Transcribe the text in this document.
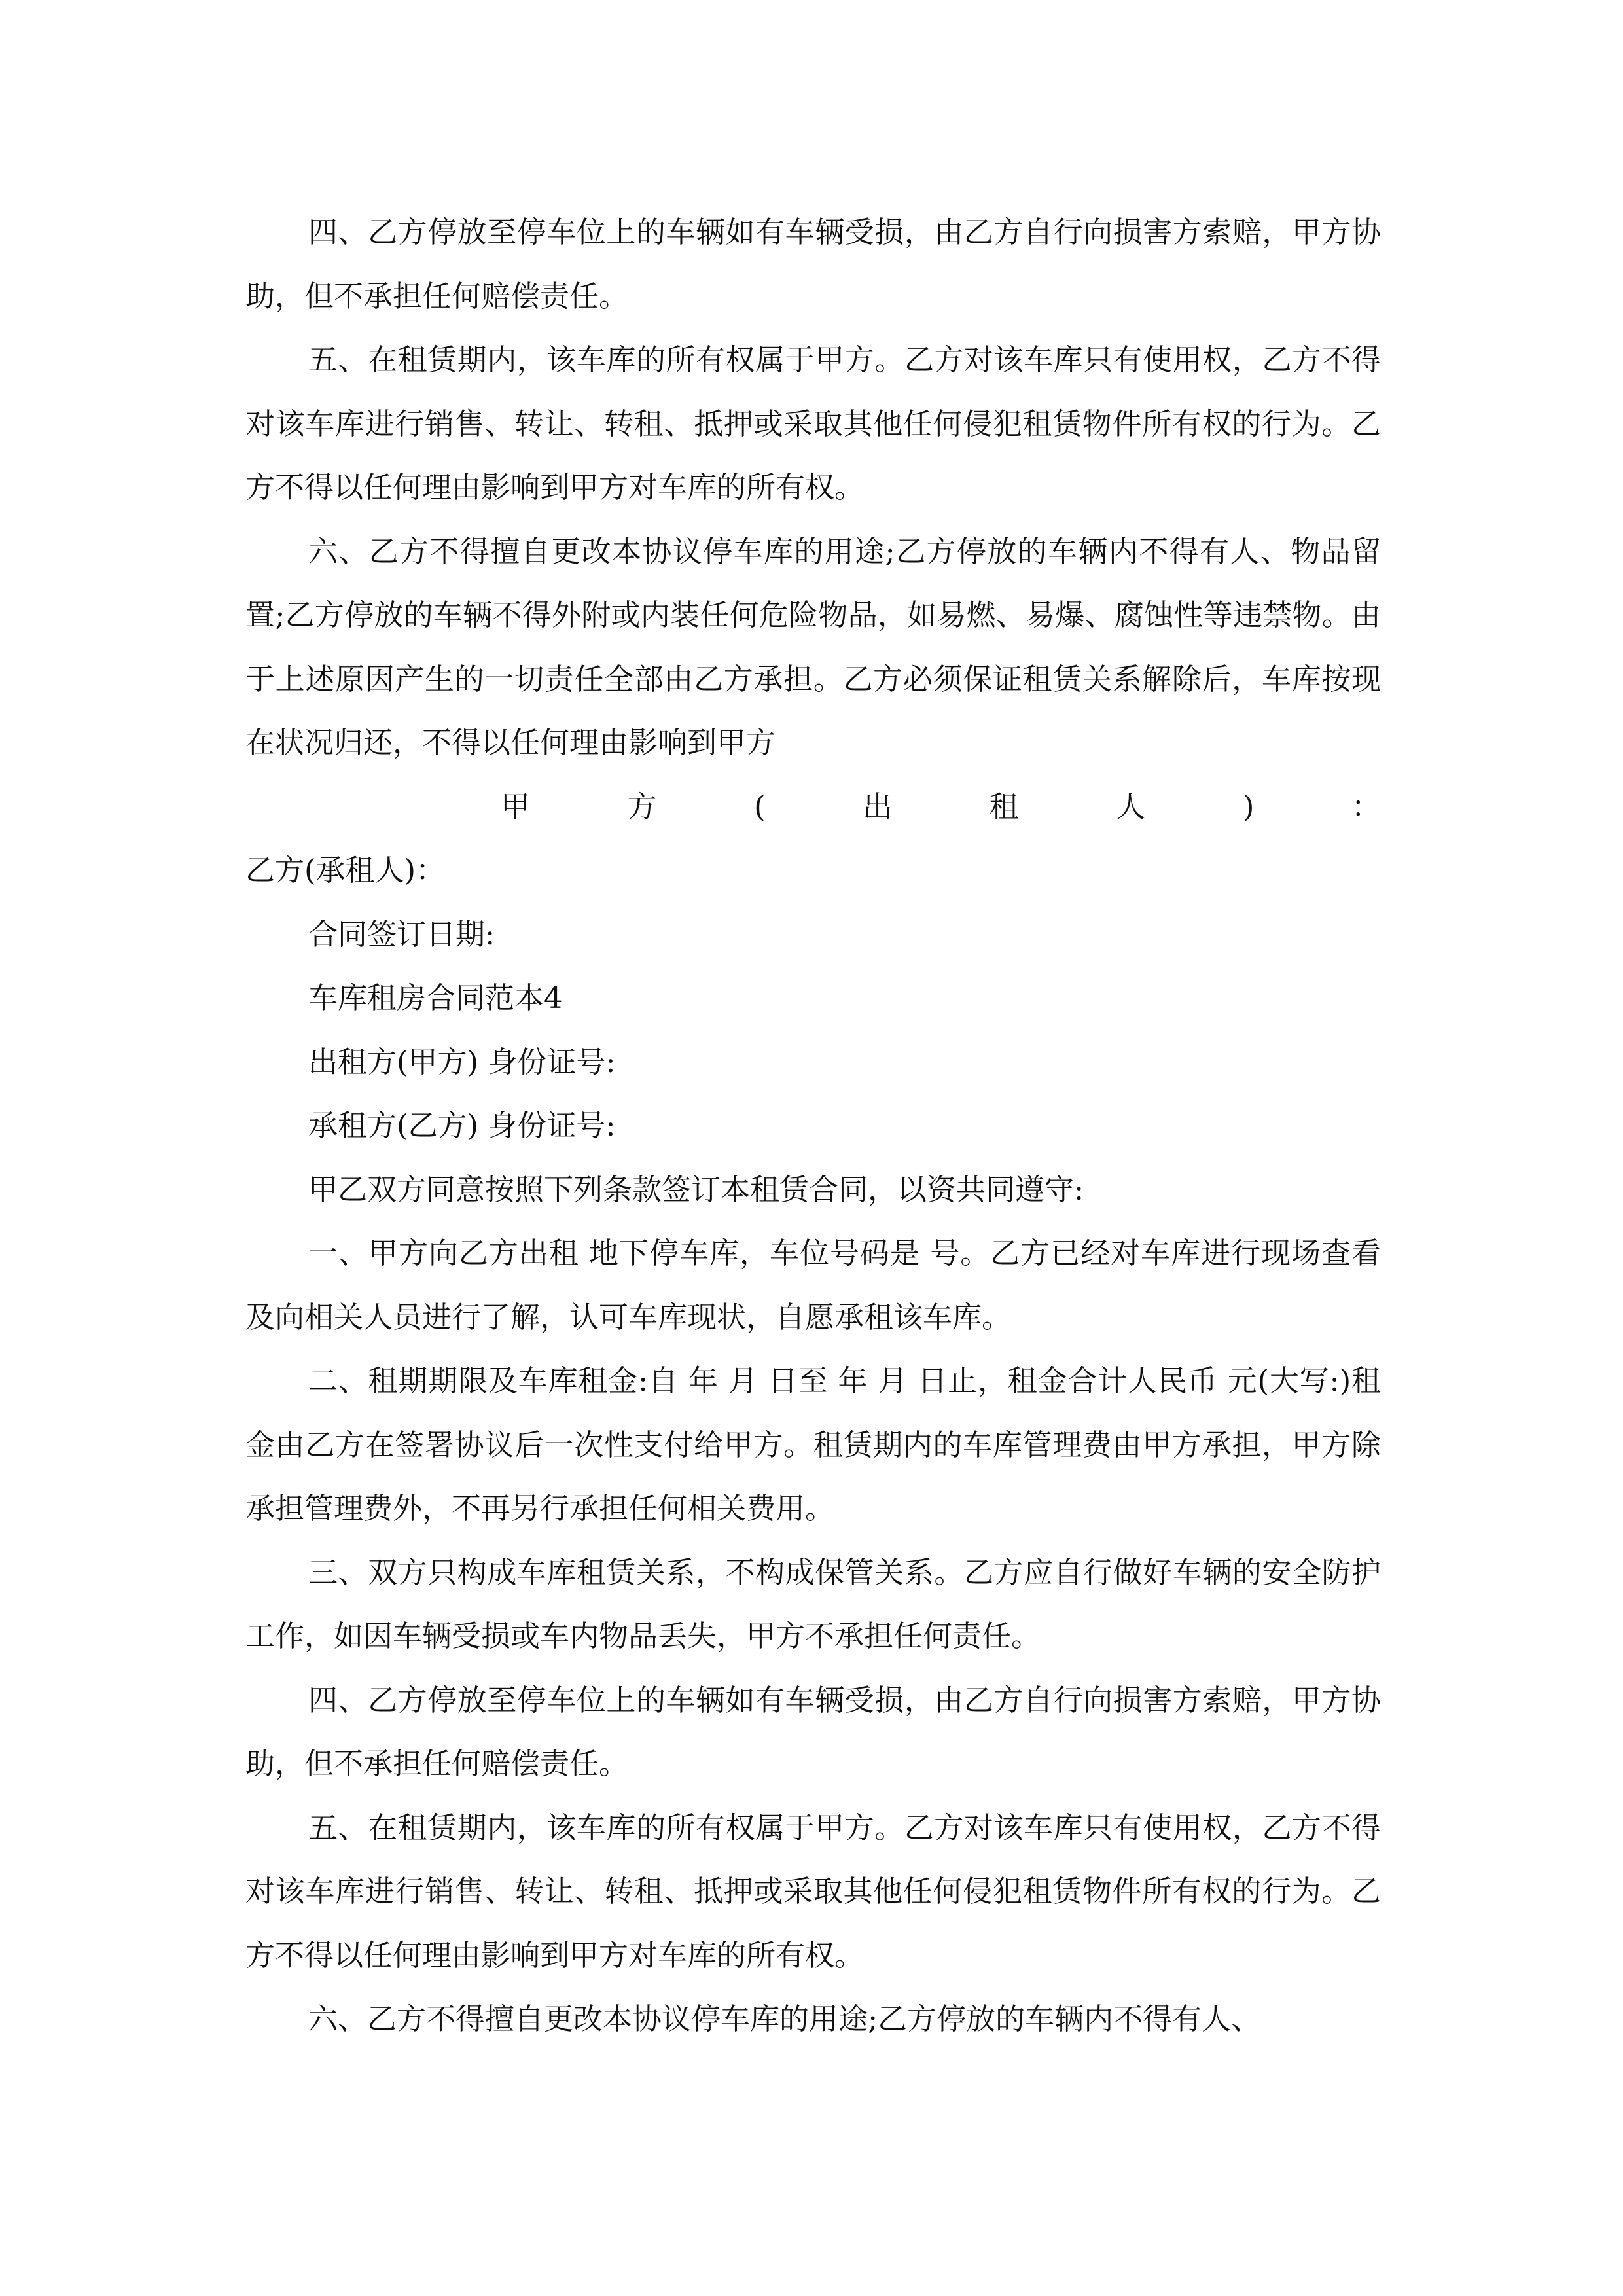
四、乙方停放至停车位上的车辆如有车辆受损，由乙方自行向损害方索赔，甲方协助，但不承担任何赔偿责任。

五、在租赁期内，该车库的所有权属于甲方。乙方对该车库只有使用权，乙方不得对该车库进行销售、转让、转租、抵押或采取其他任何侵犯租赁物件所有权的行为。乙方不得以任何理由影响到甲方对车库的所有权。

六、乙方不得擅自更改本协议停车库的用途;乙方停放的车辆内不得有人、物品留置;乙方停放的车辆不得外附或内装任何危险物品，如易燃、易爆、腐蚀性等违禁物。由于上述原因产生的一切责任全部由乙方承担。乙方必须保证租赁关系解除后，车库按现在状况归还，不得以任何理由影响到甲方

甲	方	(	出	租	人	)	：

乙方(承租人)：

合同签订日期:

车库租房合同范本4

出租方(甲方) 身份证号:

承租方(乙方) 身份证号:

甲乙双方同意按照下列条款签订本租赁合同，以资共同遵守:

一、甲方向乙方出租 地下停车库，车位号码是 号。乙方已经对车库进行现场查看及向相关人员进行了解，认可车库现状，自愿承租该车库。

二、租期期限及车库租金:自 年 月 日至 年 月 日止，租金合计人民币 元(大写:)租金由乙方在签署协议后一次性支付给甲方。租赁期内的车库管理费由甲方承担，甲方除承担管理费外，不再另行承担任何相关费用。

三、双方只构成车库租赁关系，不构成保管关系。乙方应自行做好车辆的安全防护工作，如因车辆受损或车内物品丢失，甲方不承担任何责任。

四、乙方停放至停车位上的车辆如有车辆受损，由乙方自行向损害方索赔，甲方协助，但不承担任何赔偿责任。

五、在租赁期内，该车库的所有权属于甲方。乙方对该车库只有使用权，乙方不得对该车库进行销售、转让、转租、抵押或采取其他任何侵犯租赁物件所有权的行为。乙方不得以任何理由影响到甲方对车库的所有权。

六、乙方不得擅自更改本协议停车库的用途;乙方停放的车辆内不得有人、
